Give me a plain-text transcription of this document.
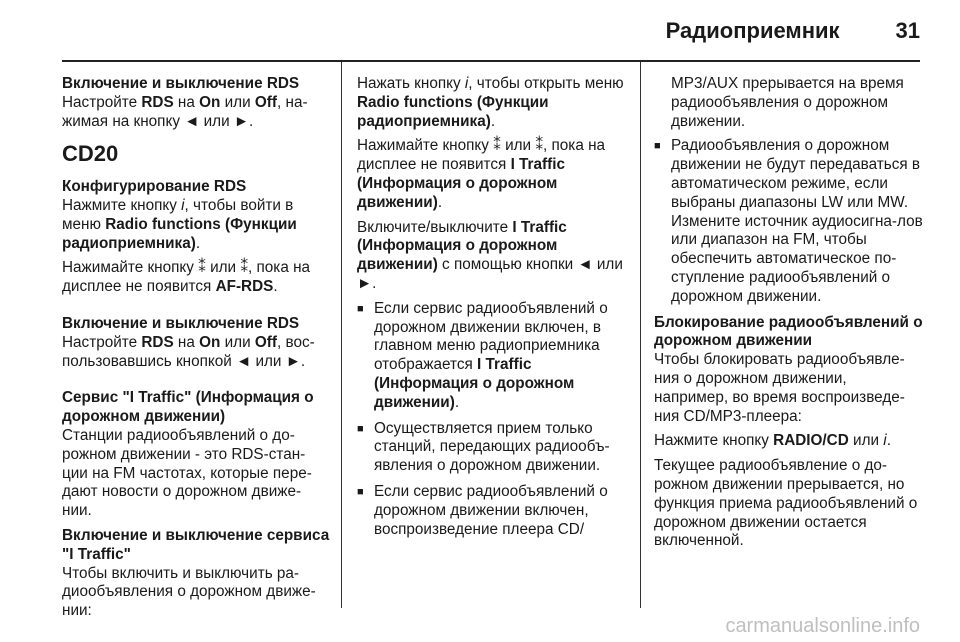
Радиоприемник	31

Включение и выключение RDS

Настройте RDS на On или Off, на-жимая на кнопку ◄ или ►.

CD20

Конфигурирование RDS

Нажмите кнопку i, чтобы войти в меню Radio functions (Функции радиоприемника).

Нажимайте кнопку ⁑ или ⁑, пока на дисплее не появится AF-RDS.

Включение и выключение RDS

Настройте RDS на On или Off, вос-пользовавшись кнопкой ◄ или ►.

Сервис "I Traffic" (Информация о дорожном движении)

Станции радиообъявлений о до-рожном движении - это RDS-стан-ции на FM частотах, которые пере-дают новости о дорожном движе-нии.

Включение и выключение сервиса "I Traffic"

Чтобы включить и выключить ра-диообъявления о дорожном движе-нии:

Нажать кнопку i, чтобы открыть меню Radio functions (Функции радиоприемника).

Нажимайте кнопку ⁑ или ⁑, пока на дисплее не появится I Traffic (Информация о дорожном движении).

Включите/выключите I Traffic (Информация о дорожном движении) с помощью кнопки ◄ или ►.

■ Если сервис радиообъявлений о дорожном движении включен, в главном меню радиоприемника отображается I Traffic (Информация о дорожном движении).
■ Осуществляется прием только станций, передающих радиообъ-явления о дорожном движении.
■ Если сервис радиообъявлений о дорожном движении включен, воспроизведение плеера CD/

MP3/AUX прерывается на время радиообъявления о дорожном движении.

■ Радиообъявления о дорожном движении не будут передаваться в автоматическом режиме, если выбраны диапазоны LW или MW. Измените источник аудиосигна-лов или диапазон на FM, чтобы обеспечить автоматическое по-ступление радиообъявлений о дорожном движении.

Блокирование радиообъявлений о дорожном движении

Чтобы блокировать радиообъявле-ния о дорожном движении, например, во время воспроизведе-ния CD/MP3-плеера:

Нажмите кнопку RADIO/CD или i.

Текущее радиообъявление о до-рожном движении прерывается, но функция приема радиообъявлений о дорожном движении остается включенной.

carmanualsonline.info
